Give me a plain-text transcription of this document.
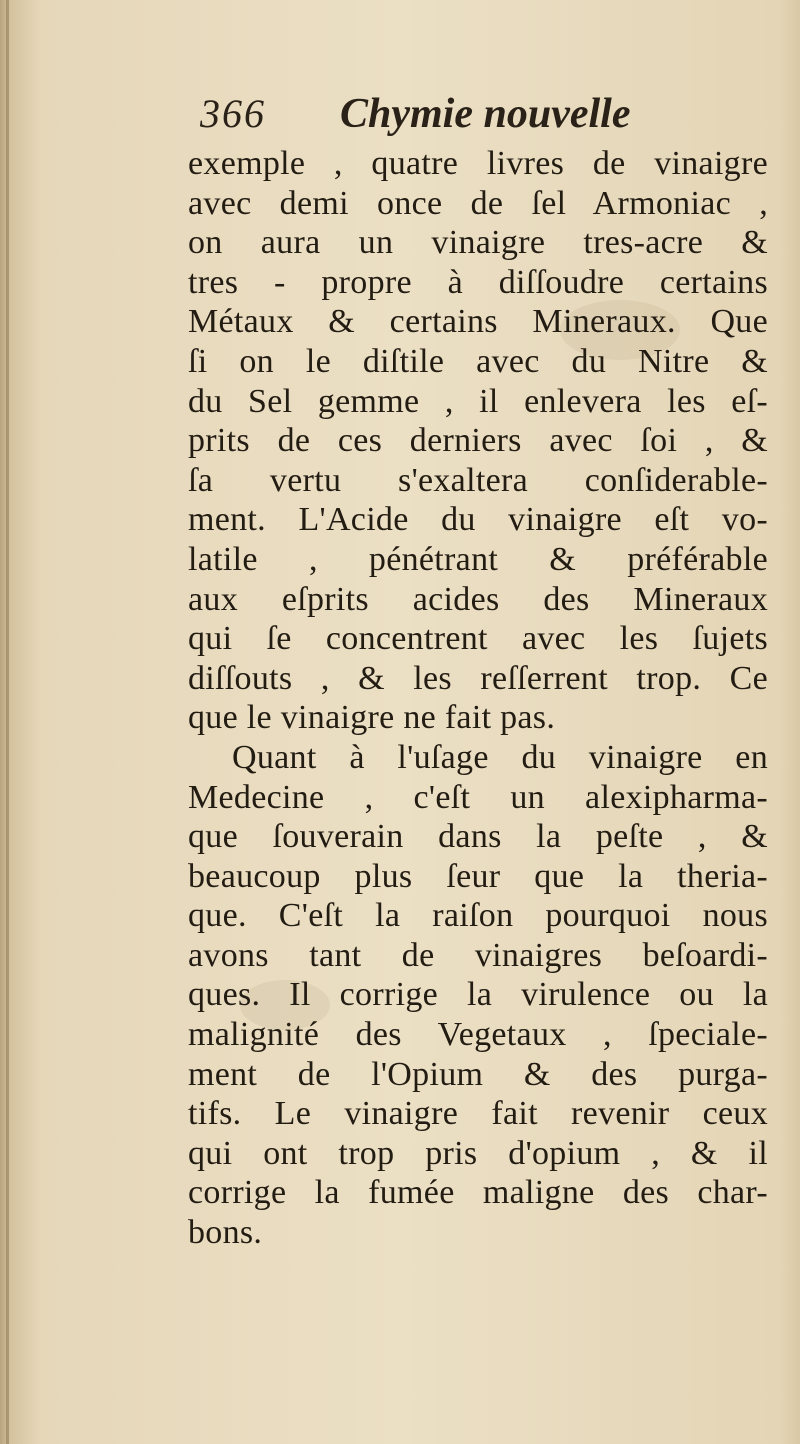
366 Chymie nouvelle
exemple , quatre livres de vinaigre
avec demi once de ſel Armoniac ,
on aura un vinaigre tres-acre &
tres - propre à diſſoudre certains
Métaux & certains Mineraux. Que
ſi on le diſtile avec du Nitre &
du Sel gemme , il enlevera les eſ-
prits de ces derniers avec ſoi , &
ſa vertu s'exaltera conſiderable-
ment. L'Acide du vinaigre eſt vo-
latile , pénétrant & préférable
aux eſprits acides des Mineraux
qui ſe concentrent avec les ſujets
diſſouts , & les reſſerrent trop. Ce
que le vinaigre ne fait pas.
Quant à l'uſage du vinaigre en
Medecine , c'eſt un alexipharma-
que ſouverain dans la peſte , &
beaucoup plus ſeur que la theria-
que. C'eſt la raiſon pourquoi nous
avons tant de vinaigres beſoardi-
ques. Il corrige la virulence ou la
malignité des Vegetaux , ſpeciale-
ment de l'Opium & des purga-
tifs. Le vinaigre fait revenir ceux
qui ont trop pris d'opium , & il
corrige la fumée maligne des char-
bons.
